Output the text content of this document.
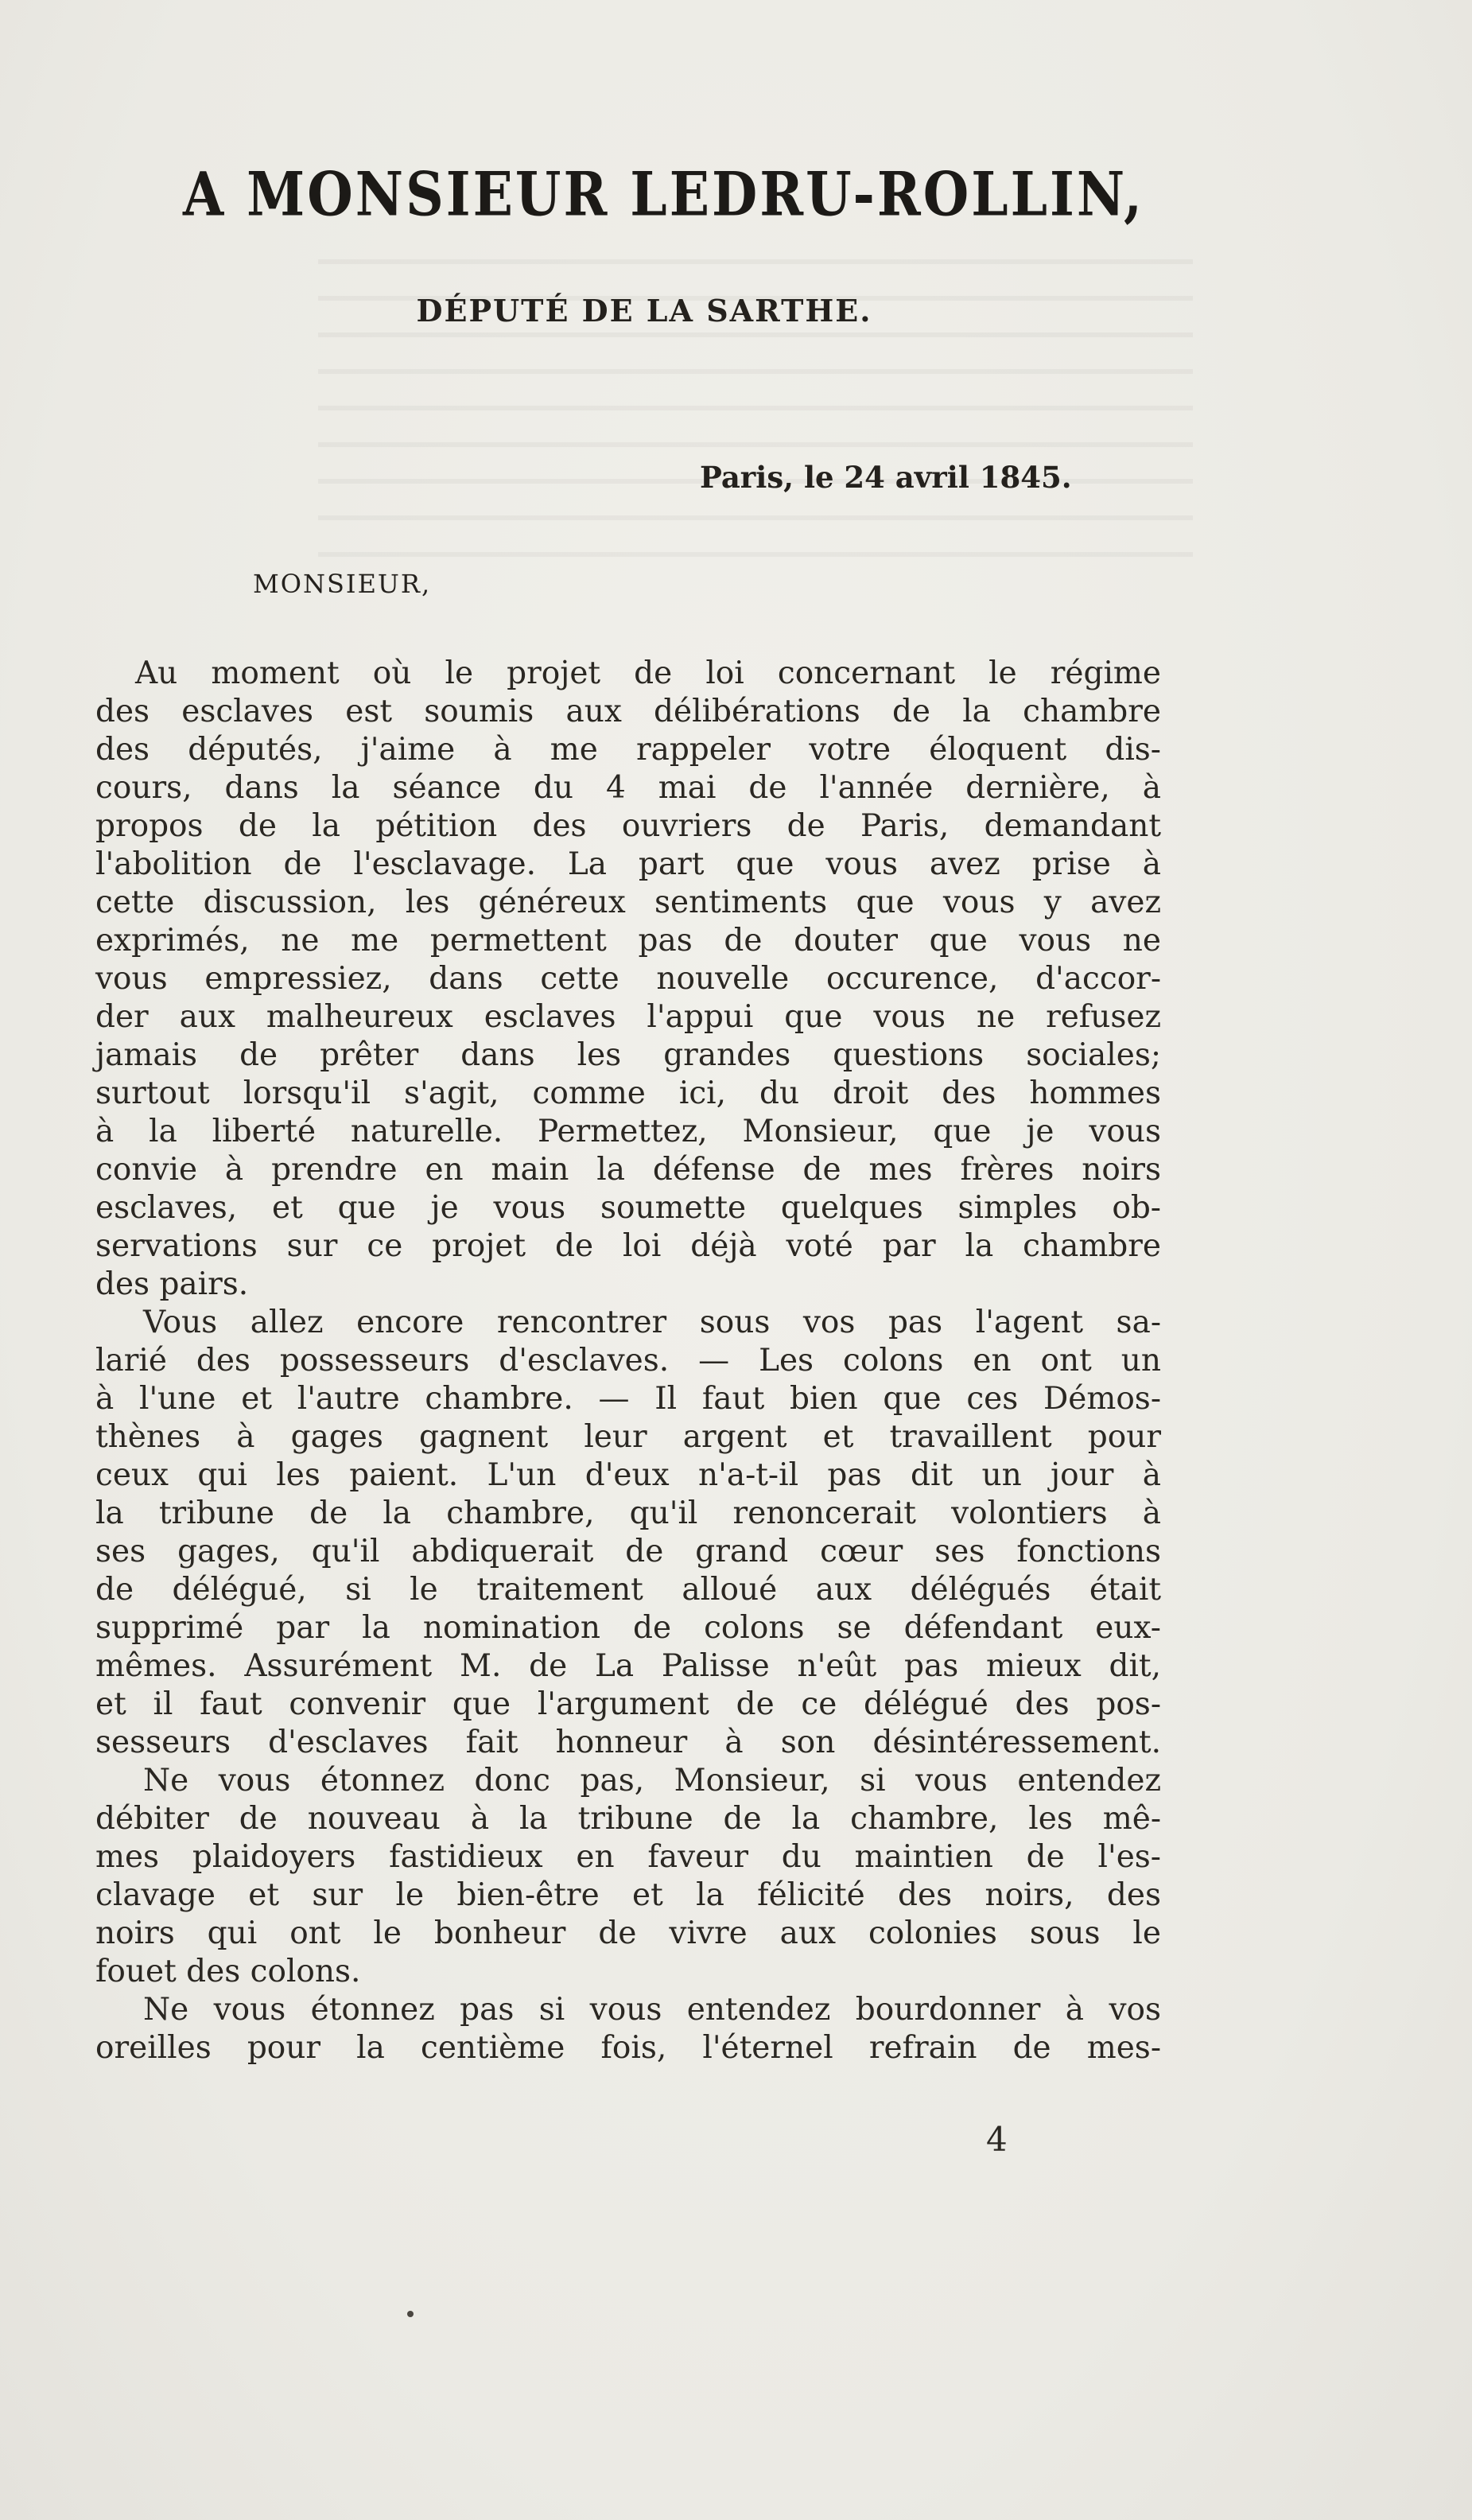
A MONSIEUR LEDRU-ROLLIN,
DÉPUTÉ DE LA SARTHE.
Paris, le 24 avril 1845.
MONSIEUR,
Au moment où le projet de loi concernant le régime
des esclaves est soumis aux délibérations de la chambre
des députés, j'aime à me rappeler votre éloquent dis-
cours, dans la séance du 4 mai de l'année dernière, à
propos de la pétition des ouvriers de Paris, demandant
l'abolition de l'esclavage. La part que vous avez prise à
cette discussion, les généreux sentiments que vous y avez
exprimés, ne me permettent pas de douter que vous ne
vous empressiez, dans cette nouvelle occurence, d'accor-
der aux malheureux esclaves l'appui que vous ne refusez
jamais de prêter dans les grandes questions sociales;
surtout lorsqu'il s'agit, comme ici, du droit des hommes
à la liberté naturelle. Permettez, Monsieur, que je vous
convie à prendre en main la défense de mes frères noirs
esclaves, et que je vous soumette quelques simples ob-
servations sur ce projet de loi déjà voté par la chambre
des pairs.
Vous allez encore rencontrer sous vos pas l'agent sa-
larié des possesseurs d'esclaves. — Les colons en ont un
à l'une et l'autre chambre. — Il faut bien que ces Démos-
thènes à gages gagnent leur argent et travaillent pour
ceux qui les paient. L'un d'eux n'a-t-il pas dit un jour à
la tribune de la chambre, qu'il renoncerait volontiers à
ses gages, qu'il abdiquerait de grand cœur ses fonctions
de délégué, si le traitement alloué aux délégués était
supprimé par la nomination de colons se défendant eux-
mêmes. Assurément M. de La Palisse n'eût pas mieux dit,
et il faut convenir que l'argument de ce délégué des pos-
sesseurs d'esclaves fait honneur à son désintéressement.
Ne vous étonnez donc pas, Monsieur, si vous entendez
débiter de nouveau à la tribune de la chambre, les mê-
mes plaidoyers fastidieux en faveur du maintien de l'es-
clavage et sur le bien-être et la félicité des noirs, des
noirs qui ont le bonheur de vivre aux colonies sous le
fouet des colons.
Ne vous étonnez pas si vous entendez bourdonner à vos
oreilles pour la centième fois, l'éternel refrain de mes-
4
